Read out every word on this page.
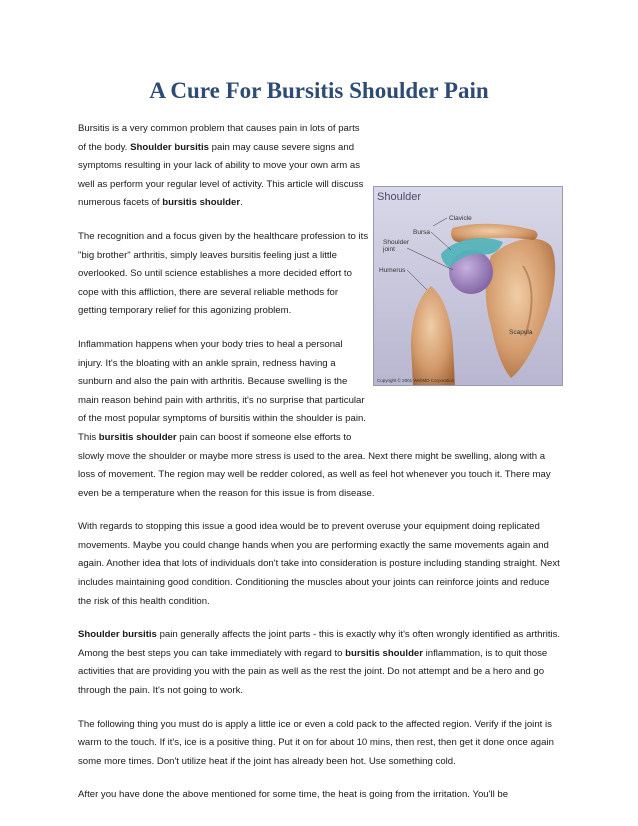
A Cure For Bursitis Shoulder Pain

Bursitis is a very common problem that causes pain in lots of parts of the body. Shoulder bursitis pain may cause severe signs and symptoms resulting in your lack of ability to move your own arm as well as perform your regular level of activity. This article will discuss numerous facets of bursitis shoulder.

The recognition and a focus given by the healthcare profession to its "big brother" arthritis, simply leaves bursitis feeling just a little overlooked. So until science establishes a more decided effort to cope with this affliction, there are several reliable methods for getting temporary relief for this agonizing problem.

Inflammation happens when your body tries to heal a personal injury. It's the bloating with an ankle sprain, redness having a sunburn and also the pain with arthritis. Because swelling is the main reason behind pain with arthritis, it's no surprise that particular of the most popular symptoms of bursitis within the shoulder is pain. This bursitis shoulder pain can boost if someone else efforts to slowly move the shoulder or maybe more stress is used to the area. Next there might be swelling, along with a loss of movement. The region may well be redder colored, as well as feel hot whenever you touch it. There may even be a temperature when the reason for this issue is from disease.

With regards to stopping this issue a good idea would be to prevent overuse your equipment doing replicated movements. Maybe you could change hands when you are performing exactly the same movements again and again. Another idea that lots of individuals don't take into consideration is posture including standing straight. Next includes maintaining good condition. Conditioning the muscles about your joints can reinforce joints and reduce the risk of this health condition.

Shoulder bursitis pain generally affects the joint parts - this is exactly why it's often wrongly identified as arthritis. Among the best steps you can take immediately with regard to bursitis shoulder inflammation, is to quit those activities that are providing you with the pain as well as the rest the joint. Do not attempt and be a hero and go through the pain. It's not going to work.

The following thing you must do is apply a little ice or even a cold pack to the affected region. Verify if the joint is warm to the touch. If it's, ice is a positive thing. Put it on for about 10 mins, then rest, then get it done once again some more times. Don't utilize heat if the joint has already been hot. Use something cold.

After you have done the above mentioned for some time, the heat is going from the irritation. You'll be

Shoulder
Clavicle
Bursa
Shoulder
joint
Humerus
Scapula
Copyright © 2001 WebMD Corporation
